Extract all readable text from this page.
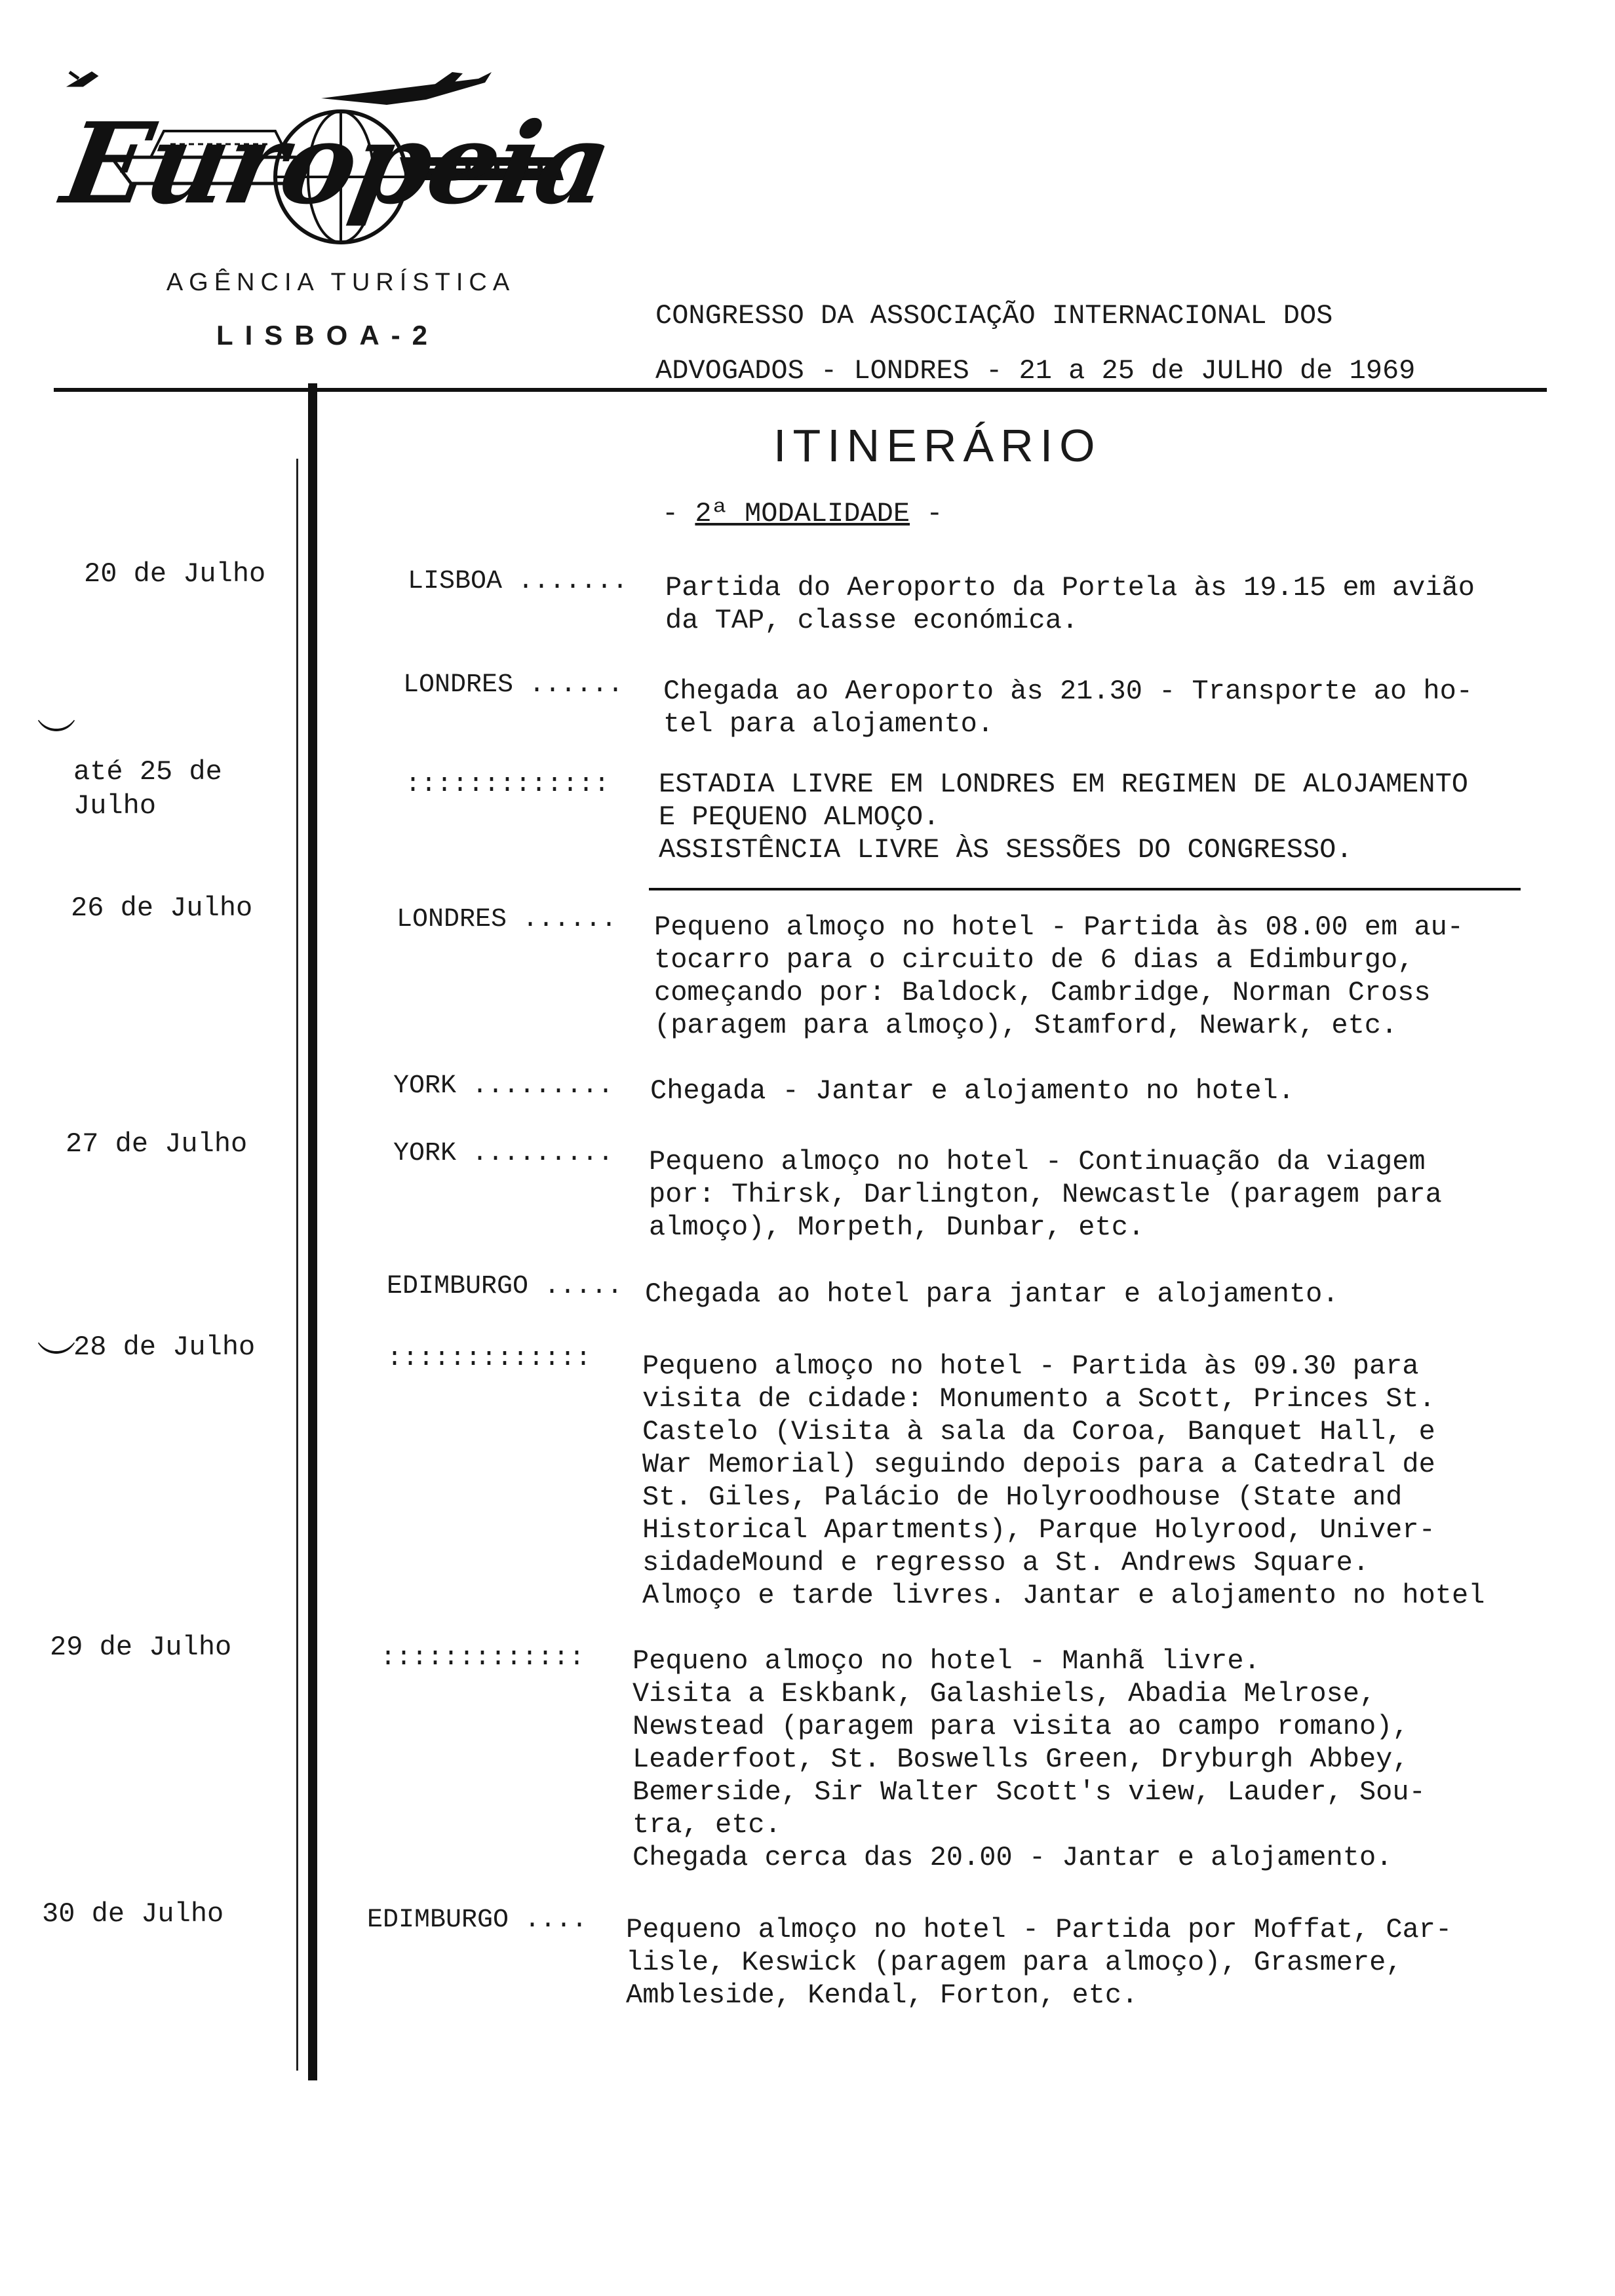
Europeia
AGÊNCIA TURÍSTICA
LISBOA-2
CONGRESSO DA ASSOCIAÇÃO INTERNACIONAL DOS
ADVOGADOS - LONDRES - 21 a 25 de JULHO de 1969
ITINERÁRIO
- 2ª MODALIDADE -
20 de Julho
︶
até 25 de
Julho
26 de Julho
27 de Julho
︶
28 de Julho
29 de Julho
30 de Julho
LISBOA ....... Partida do Aeroporto da Portela às 19.15 em avião
da TAP, classe económica.
LONDRES ...... Chegada ao Aeroporto às 21.30 - Transporte ao ho-
tel para alojamento.
::::::::::::: ESTADIA LIVRE EM LONDRES EM REGIMEN DE ALOJAMENTO
E PEQUENO ALMOÇO.
ASSISTÊNCIA LIVRE ÀS SESSÕES DO CONGRESSO.
LONDRES ...... Pequeno almoço no hotel - Partida às 08.00 em au-
tocarro para o circuito de 6 dias a Edimburgo,
começando por: Baldock, Cambridge, Norman Cross
(paragem para almoço), Stamford, Newark, etc.
YORK ......... Chegada - Jantar e alojamento no hotel.
YORK ......... Pequeno almoço no hotel - Continuação da viagem
por: Thirsk, Darlington, Newcastle (paragem para
almoço), Morpeth, Dunbar, etc.
EDIMBURGO ..... Chegada ao hotel para jantar e alojamento.
::::::::::::: Pequeno almoço no hotel - Partida às 09.30 para
visita de cidade: Monumento a Scott, Princes St.
Castelo (Visita à sala da Coroa, Banquet Hall, e
War Memorial) seguindo depois para a Catedral de
St. Giles, Palácio de Holyroodhouse (State and
Historical Apartments), Parque Holyrood, Univer-
sidadeMound e regresso a St. Andrews Square.
Almoço e tarde livres. Jantar e alojamento no hotel
::::::::::::: Pequeno almoço no hotel - Manhã livre.
Visita a Eskbank, Galashiels, Abadia Melrose,
Newstead (paragem para visita ao campo romano),
Leaderfoot, St. Boswells Green, Dryburgh Abbey,
Bemerside, Sir Walter Scott's view, Lauder, Sou-
tra, etc.
Chegada cerca das 20.00 - Jantar e alojamento.
EDIMBURGO .... Pequeno almoço no hotel - Partida por Moffat, Car-
lisle, Keswick (paragem para almoço), Grasmere,
Ambleside, Kendal, Forton, etc.
